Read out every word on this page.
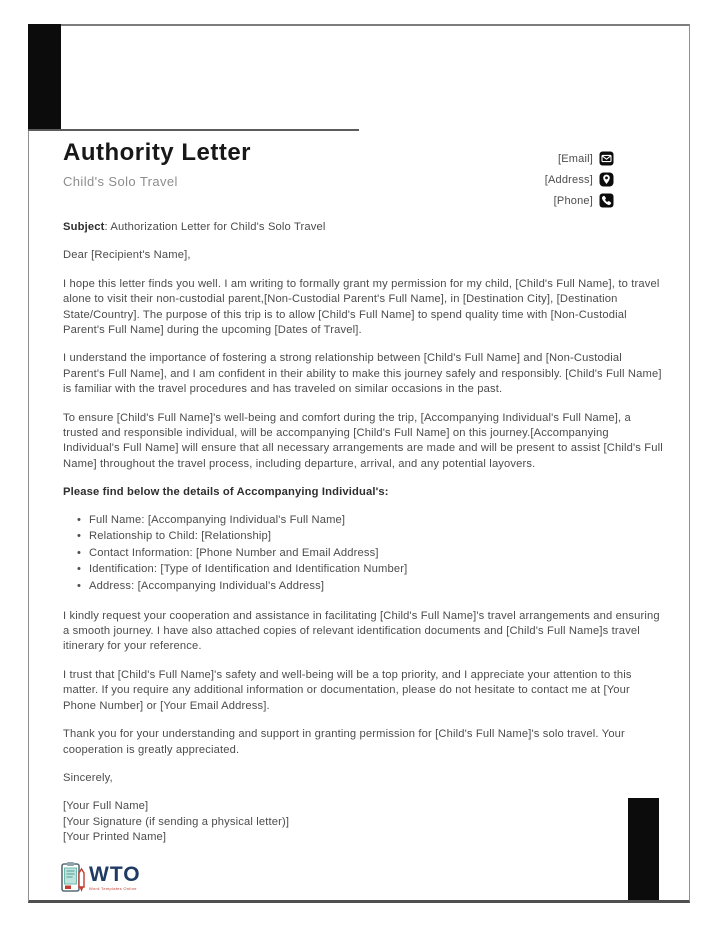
Authority Letter
Child's Solo Travel
[Email]
[Address]
[Phone]

Subject: Authorization Letter for Child's Solo Travel

Dear [Recipient's Name],

I hope this letter finds you well. I am writing to formally grant my permission for my child, [Child's Full Name], to travel alone to visit their non-custodial parent,[Non-Custodial Parent's Full Name], in [Destination City], [Destination State/Country]. The purpose of this trip is to allow [Child's Full Name] to spend quality time with [Non-Custodial Parent's Full Name] during the upcoming [Dates of Travel].

I understand the importance of fostering a strong relationship between [Child's Full Name] and [Non-Custodial Parent's Full Name], and I am confident in their ability to make this journey safely and responsibly. [Child's Full Name] is familiar with the travel procedures and has traveled on similar occasions in the past.

To ensure [Child's Full Name]'s well-being and comfort during the trip, [Accompanying Individual's Full Name], a trusted and responsible individual, will be accompanying [Child's Full Name] on this journey.[Accompanying Individual's Full Name] will ensure that all necessary arrangements are made and will be present to assist [Child's Full Name] throughout the travel process, including departure, arrival, and any potential layovers.

Please find below the details of Accompanying Individual's:
• Full Name: [Accompanying Individual's Full Name]
• Relationship to Child: [Relationship]
• Contact Information: [Phone Number and Email Address]
• Identification: [Type of Identification and Identification Number]
• Address: [Accompanying Individual's Address]

I kindly request your cooperation and assistance in facilitating [Child's Full Name]'s travel arrangements and ensuring a smooth journey. I have also attached copies of relevant identification documents and [Child's Full Name]s travel itinerary for your reference.

I trust that [Child's Full Name]'s safety and well-being will be a top priority, and I appreciate your attention to this matter. If you require any additional information or documentation, please do not hesitate to contact me at [Your Phone Number] or [Your Email Address].

Thank you for your understanding and support in granting permission for [Child's Full Name]'s solo travel. Your cooperation is greatly appreciated.

Sincerely,

[Your Full Name]
[Your Signature (if sending a physical letter)]
[Your Printed Name]
WTO
Word Templates Online
